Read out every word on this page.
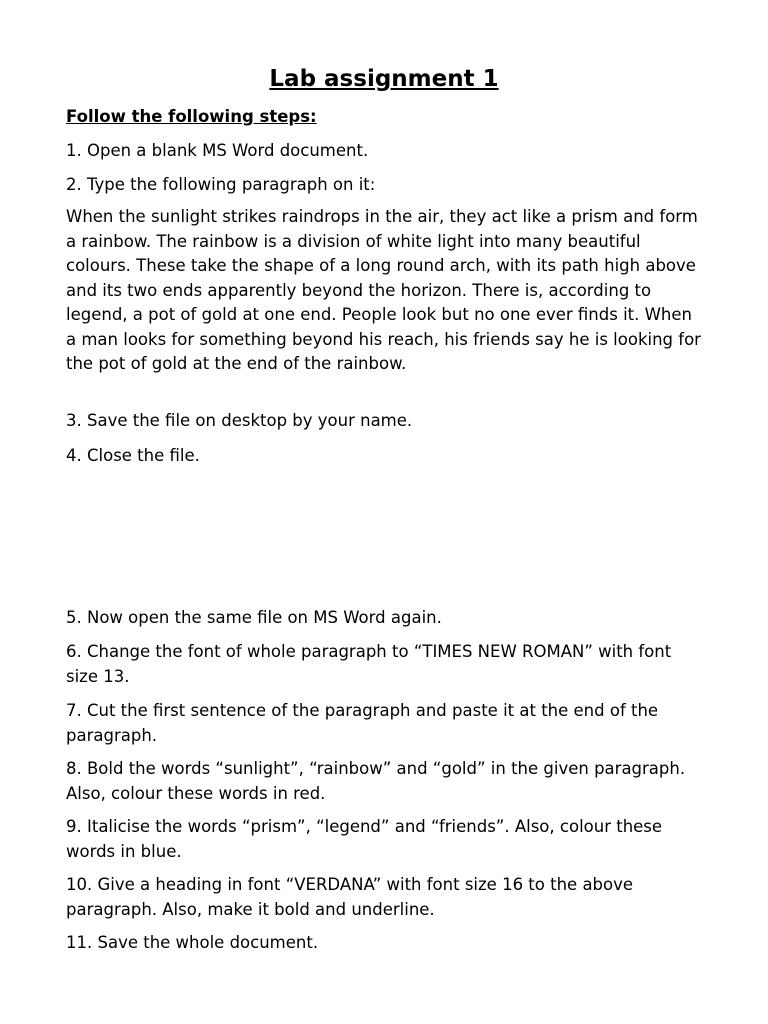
Lab assignment 1

Follow the following steps:

1. Open a blank MS Word document.

2. Type the following paragraph on it:

When the sunlight strikes raindrops in the air, they act like a prism and form a rainbow. The rainbow is a division of white light into many beautiful colours. These take the shape of a long round arch, with its path high above and its two ends apparently beyond the horizon. There is, according to legend, a pot of gold at one end. People look but no one ever finds it. When a man looks for something beyond his reach, his friends say he is looking for the pot of gold at the end of the rainbow.

3. Save the file on desktop by your name.

4. Close the file.

5. Now open the same file on MS Word again.

6. Change the font of whole paragraph to “TIMES NEW ROMAN” with font size 13.

7. Cut the first sentence of the paragraph and paste it at the end of the paragraph.

8. Bold the words “sunlight”, “rainbow” and “gold” in the given paragraph. Also, colour these words in red.

9. Italicise the words “prism”, “legend” and “friends”. Also, colour these words in blue.

10. Give a heading in font “VERDANA” with font size 16 to the above paragraph. Also, make it bold and underline.

11. Save the whole document.
